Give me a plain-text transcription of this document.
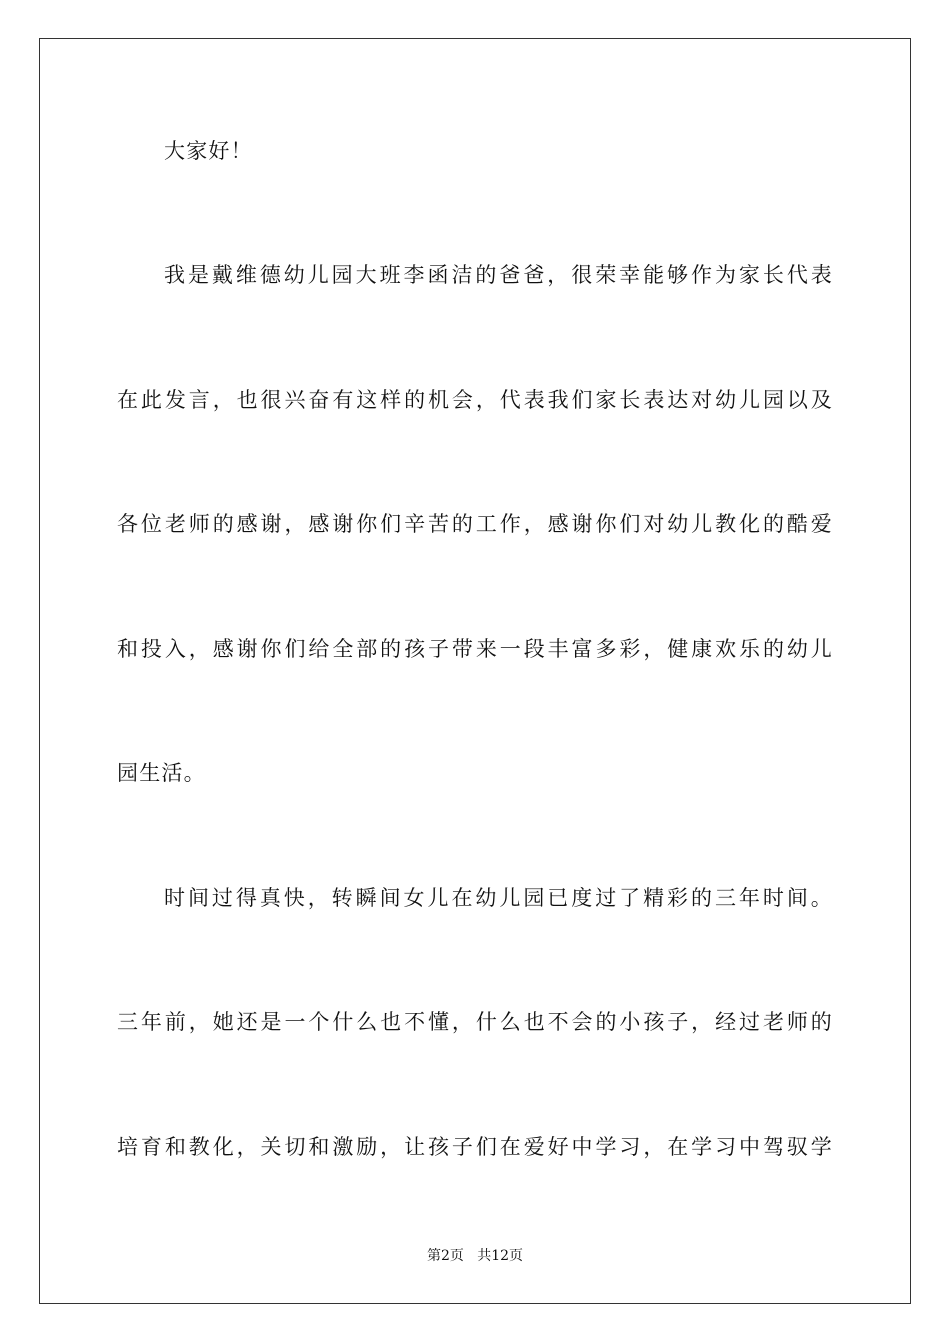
大家好！
我是戴维德幼儿园大班李函洁的爸爸，很荣幸能够作为家长代表
在此发言，也很兴奋有这样的机会，代表我们家长表达对幼儿园以及
各位老师的感谢，感谢你们辛苦的工作，感谢你们对幼儿教化的酷爱
和投入，感谢你们给全部的孩子带来一段丰富多彩，健康欢乐的幼儿
园生活。
时间过得真快，转瞬间女儿在幼儿园已度过了精彩的三年时间。
三年前，她还是一个什么也不懂，什么也不会的小孩子，经过老师的
培育和教化，关切和激励，让孩子们在爱好中学习，在学习中驾驭学
第2页   共12页
